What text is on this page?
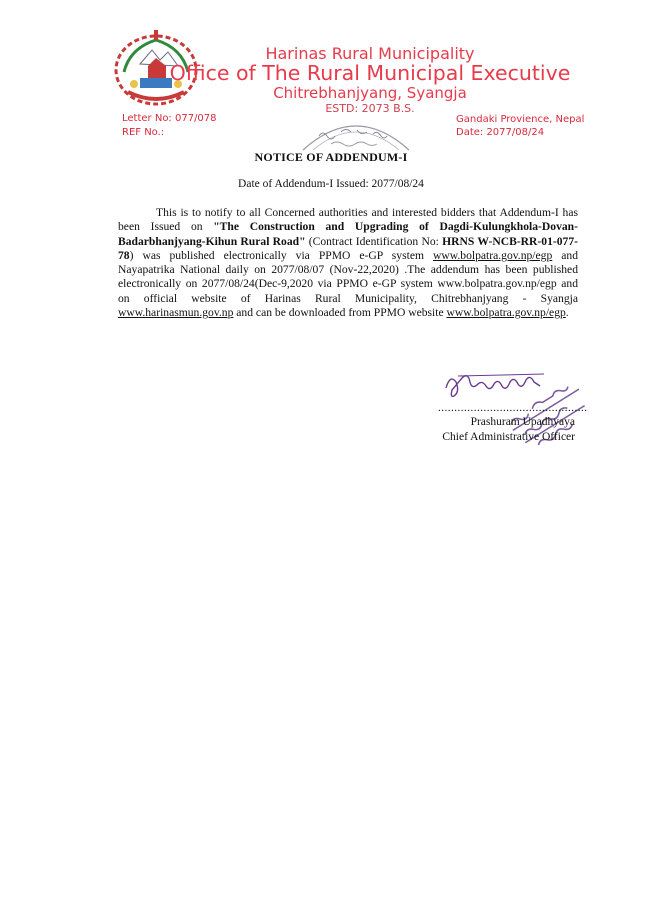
Harinas Rural Municipality
Office of The Rural Municipal Executive
Chitrebhanjyang, Syangja
ESTD: 2073 B.S.
Letter No: 077/078
REF No.:
Gandaki Provience, Nepal
Date: 2077/08/24
NOTICE OF ADDENDUM-I
Date of Addendum-I Issued: 2077/08/24

This is to notify to all Concerned authorities and interested bidders that Addendum-I has been Issued on "The Construction and Upgrading of Dagdi-Kulungkhola-Dovan-Badarbhanjyang-Kihun Rural Road" (Contract Identification No: HRNS W-NCB-RR-01-077-78) was published electronically via PPMO e-GP system www.bolpatra.gov.np/egp and Nayapatrika National daily on 2077/08/07 (Nov-22,2020) .The addendum has been published electronically on 2077/08/24(Dec-9,2020 via PPMO e-GP system www.bolpatra.gov.np/egp and on official website of Harinas Rural Municipality, Chitrebhanjyang - Syangja www.harinasmun.gov.np and can be downloaded from PPMO website www.bolpatra.gov.np/egp.

..............................................
Prashuram Upadhyaya
Chief Administrative Officer
